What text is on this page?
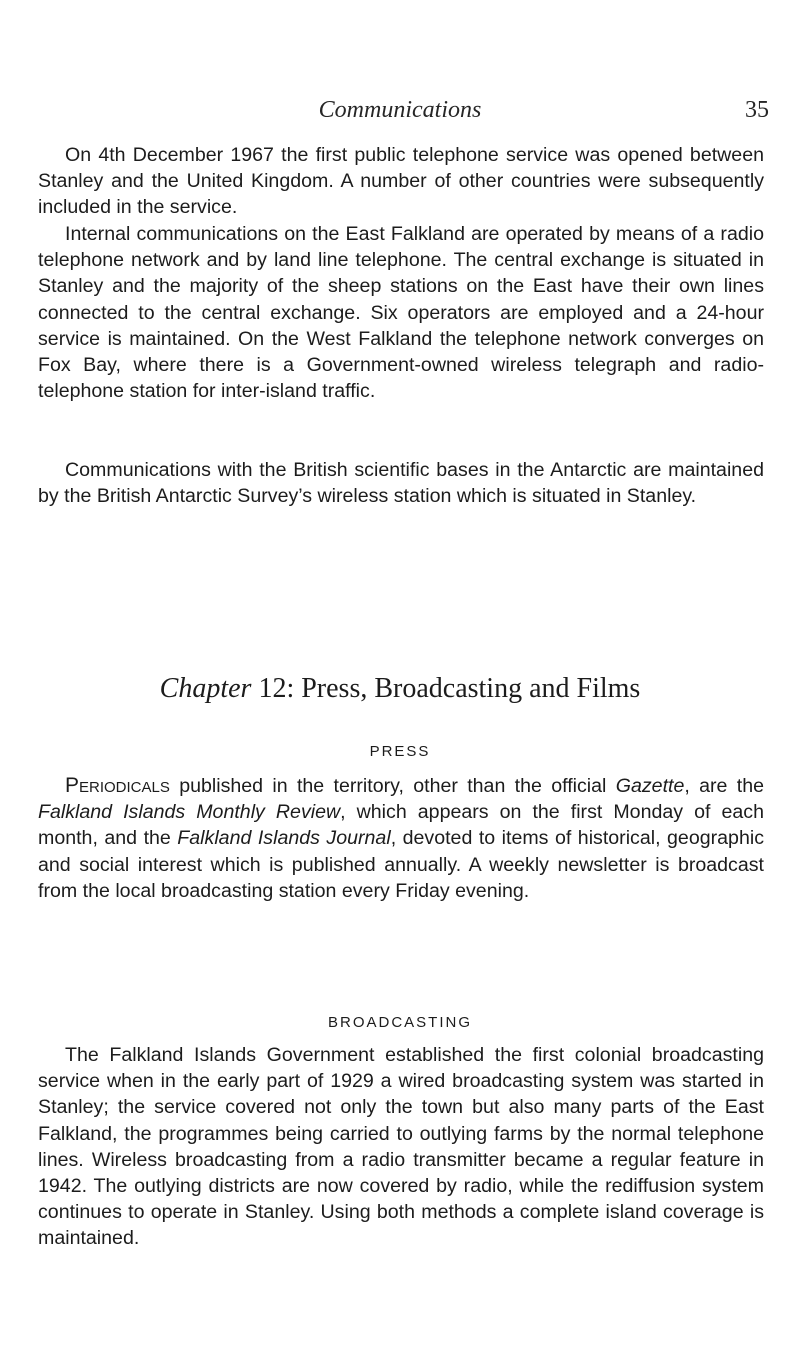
Communications	35

On 4th December 1967 the first public telephone service was opened between Stanley and the United Kingdom. A number of other countries were subsequently included in the service.

Internal communications on the East Falkland are operated by means of a radio telephone network and by land line telephone. The central exchange is situated in Stanley and the majority of the sheep stations on the East have their own lines connected to the central exchange. Six operators are employed and a 24-hour service is maintained. On the West Falkland the telephone network converges on Fox Bay, where there is a Government-owned wireless telegraph and radio-telephone station for inter-island traffic.

Communications with the British scientific bases in the Antarctic are maintained by the British Antarctic Survey’s wireless station which is situated in Stanley.

Chapter 12: Press, Broadcasting and Films
PRESS

Periodicals published in the territory, other than the official Gazette, are the Falkland Islands Monthly Review, which appears on the first Monday of each month, and the Falkland Islands Journal, devoted to items of historical, geographic and social interest which is published annually. A weekly newsletter is broadcast from the local broadcasting station every Friday evening.

BROADCASTING

The Falkland Islands Government established the first colonial broadcasting service when in the early part of 1929 a wired broadcasting system was started in Stanley; the service covered not only the town but also many parts of the East Falkland, the programmes being carried to outlying farms by the normal telephone lines. Wireless broadcasting from a radio transmitter became a regular feature in 1942. The outlying districts are now covered by radio, while the rediffusion system continues to operate in Stanley. Using both methods a complete island coverage is maintained.
